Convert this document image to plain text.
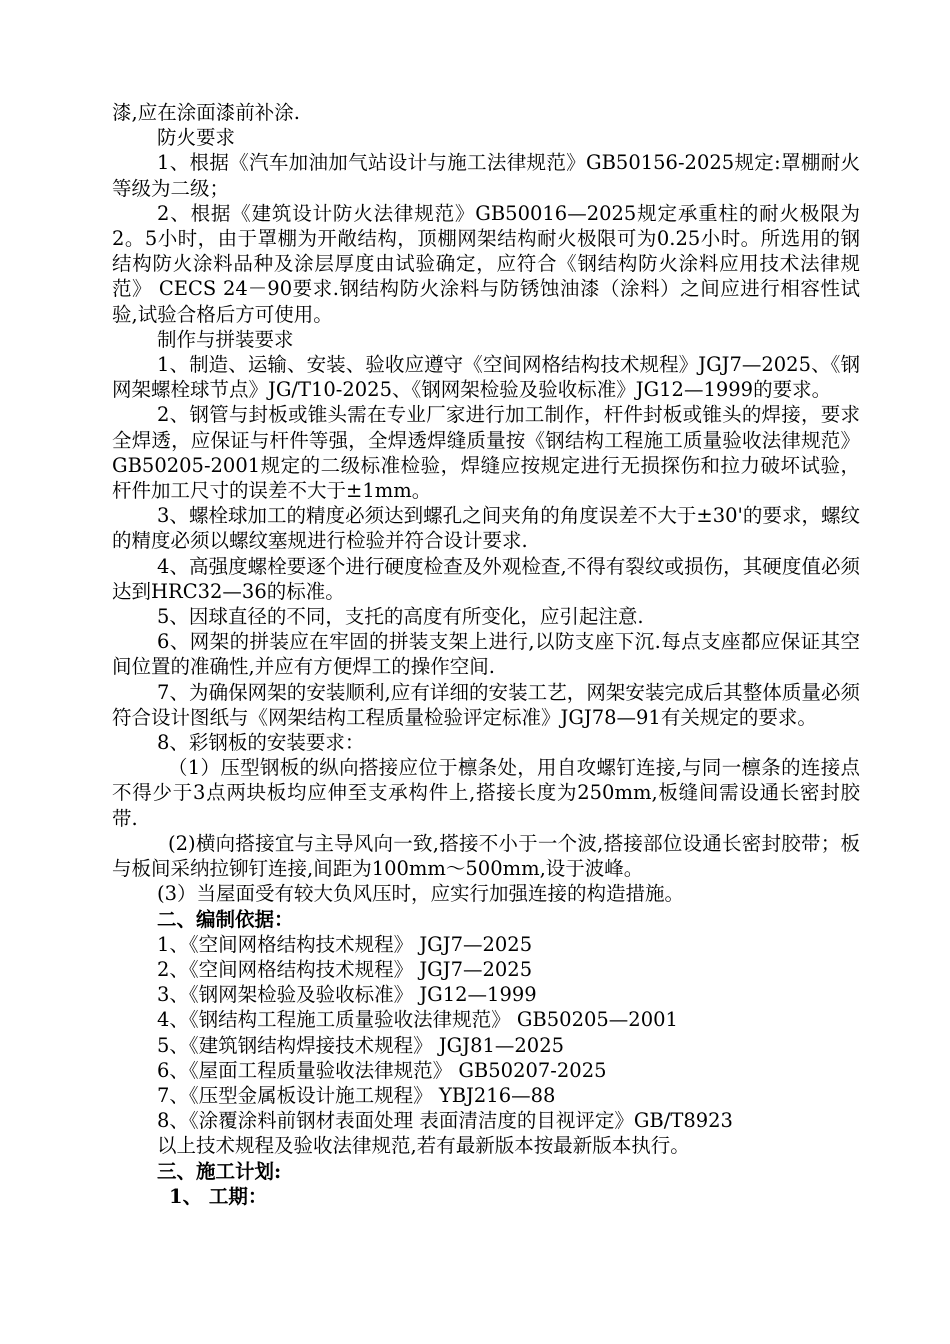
漆,应在涂面漆前补涂.

防火要求

1、根据《汽车加油加气站设计与施工法律规范》GB50156-2025规定:罩棚耐火等级为二级；

2、根据《建筑设计防火法律规范》GB50016—2025规定承重柱的耐火极限为2。5小时，由于罩棚为开敞结构，顶棚网架结构耐火极限可为0.25小时。所选用的钢结构防火涂料品种及涂层厚度由试验确定，应符合《钢结构防火涂料应用技术法律规范》 CECS 24－90要求.钢结构防火涂料与防锈蚀油漆（涂料）之间应进行相容性试验,试验合格后方可使用。

制作与拼装要求

1、制造、运输、安装、验收应遵守《空间网格结构技术规程》JGJ7—2025、《钢网架螺栓球节点》JG/T10-2025、《钢网架检验及验收标准》JG12—1999的要求。

2、钢管与封板或锥头需在专业厂家进行加工制作，杆件封板或锥头的焊接，要求全焊透，应保证与杆件等强，全焊透焊缝质量按《钢结构工程施工质量验收法律规范》GB50205-2001规定的二级标准检验，焊缝应按规定进行无损探伤和拉力破坏试验，杆件加工尺寸的误差不大于±1mm。

3、螺栓球加工的精度必须达到螺孔之间夹角的角度误差不大于±30'的要求，螺纹的精度必须以螺纹塞规进行检验并符合设计要求.

4、高强度螺栓要逐个进行硬度检查及外观检查,不得有裂纹或损伤，其硬度值必须达到HRC32—36的标准。

5、因球直径的不同，支托的高度有所变化，应引起注意.

6、网架的拼装应在牢固的拼装支架上进行,以防支座下沉.每点支座都应保证其空间位置的准确性,并应有方便焊工的操作空间.

7、为确保网架的安装顺利,应有详细的安装工艺，网架安装完成后其整体质量必须符合设计图纸与《网架结构工程质量检验评定标准》JGJ78—91有关规定的要求。

8、彩钢板的安装要求：

（1）压型钢板的纵向搭接应位于檩条处，用自攻螺钉连接,与同一檩条的连接点不得少于3点两块板均应伸至支承构件上,搭接长度为250mm,板缝间需设通长密封胶带.

(2)横向搭接宜与主导风向一致,搭接不小于一个波,搭接部位设通长密封胶带；板与板间采纳拉铆钉连接,间距为100mm～500mm,设于波峰。

(3）当屋面受有较大负风压时，应实行加强连接的构造措施。

二、编制依据：

1、《空间网格结构技术规程》 JGJ7—2025

2、《空间网格结构技术规程》 JGJ7—2025

3、《钢网架检验及验收标准》 JG12—1999

4、《钢结构工程施工质量验收法律规范》 GB50205—2001

5、《建筑钢结构焊接技术规程》 JGJ81—2025

6、《屋面工程质量验收法律规范》 GB50207-2025

7、《压型金属板设计施工规程》 YBJ216—88

8、《涂覆涂料前钢材表面处理 表面清洁度的目视评定》GB/T8923

以上技术规程及验收法律规范,若有最新版本按最新版本执行。

三、施工计划:

1、 工期：
